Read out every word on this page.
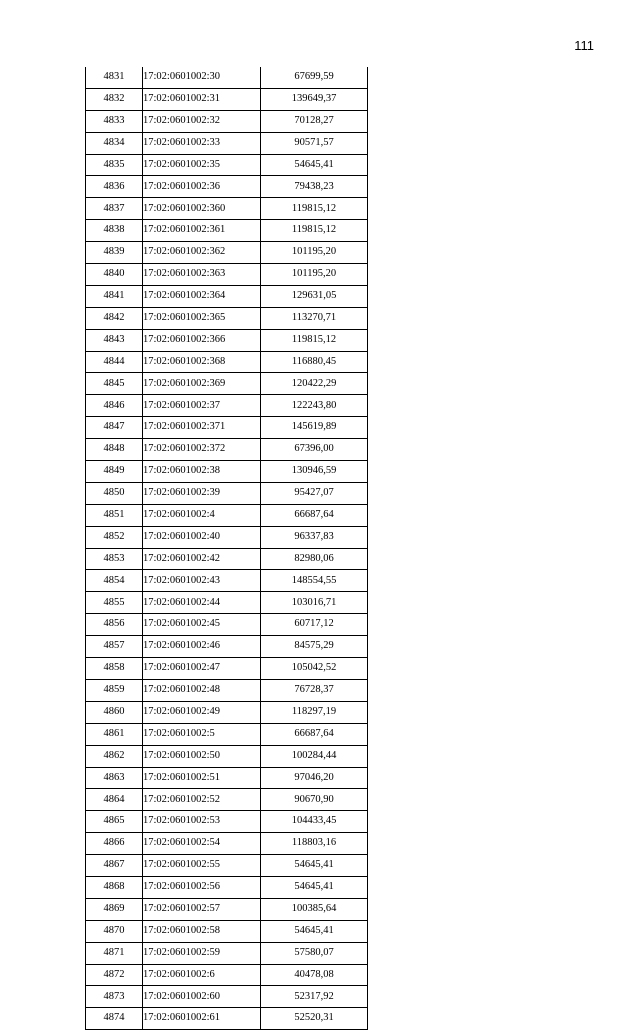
111
4831	17:02:0601002:30	67699,59
4832	17:02:0601002:31	139649,37
4833	17:02:0601002:32	70128,27
4834	17:02:0601002:33	90571,57
4835	17:02:0601002:35	54645,41
4836	17:02:0601002:36	79438,23
4837	17:02:0601002:360	119815,12
4838	17:02:0601002:361	119815,12
4839	17:02:0601002:362	101195,20
4840	17:02:0601002:363	101195,20
4841	17:02:0601002:364	129631,05
4842	17:02:0601002:365	113270,71
4843	17:02:0601002:366	119815,12
4844	17:02:0601002:368	116880,45
4845	17:02:0601002:369	120422,29
4846	17:02:0601002:37	122243,80
4847	17:02:0601002:371	145619,89
4848	17:02:0601002:372	67396,00
4849	17:02:0601002:38	130946,59
4850	17:02:0601002:39	95427,07
4851	17:02:0601002:4	66687,64
4852	17:02:0601002:40	96337,83
4853	17:02:0601002:42	82980,06
4854	17:02:0601002:43	148554,55
4855	17:02:0601002:44	103016,71
4856	17:02:0601002:45	60717,12
4857	17:02:0601002:46	84575,29
4858	17:02:0601002:47	105042,52
4859	17:02:0601002:48	76728,37
4860	17:02:0601002:49	118297,19
4861	17:02:0601002:5	66687,64
4862	17:02:0601002:50	100284,44
4863	17:02:0601002:51	97046,20
4864	17:02:0601002:52	90670,90
4865	17:02:0601002:53	104433,45
4866	17:02:0601002:54	118803,16
4867	17:02:0601002:55	54645,41
4868	17:02:0601002:56	54645,41
4869	17:02:0601002:57	100385,64
4870	17:02:0601002:58	54645,41
4871	17:02:0601002:59	57580,07
4872	17:02:0601002:6	40478,08
4873	17:02:0601002:60	52317,92
4874	17:02:0601002:61	52520,31
